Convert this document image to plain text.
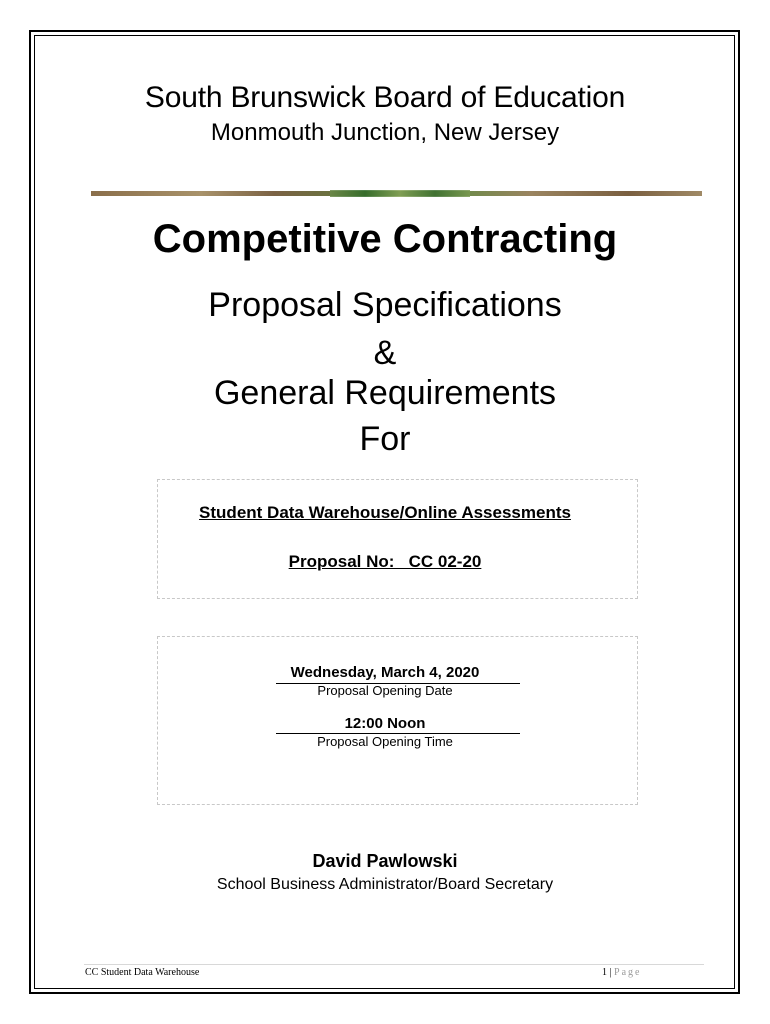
South Brunswick Board of Education
Monmouth Junction, New Jersey
Competitive Contracting
Proposal Specifications
&
General Requirements
For
Student Data Warehouse/Online Assessments
Proposal No:   CC 02-20
Wednesday, March 4, 2020
Proposal Opening Date
12:00 Noon
Proposal Opening Time
David Pawlowski
School Business Administrator/Board Secretary
CC Student Data Warehouse	1 | Page
